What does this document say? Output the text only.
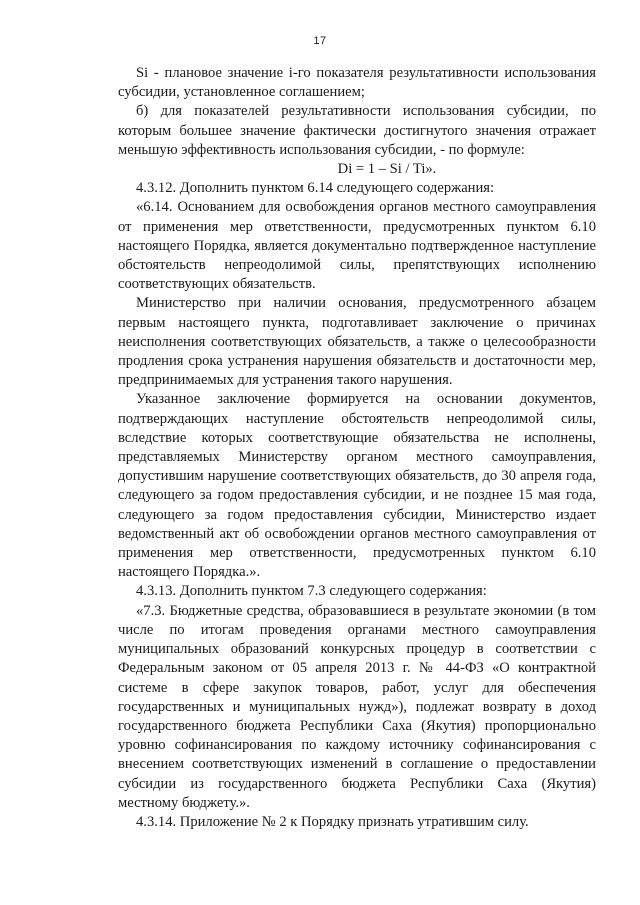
17

Si - плановое значение i-го показателя результативности использования субсидии, установленное соглашением;

б) для показателей результативности использования субсидии, по которым большее значение фактически достигнутого значения отражает меньшую эффективность использования субсидии, - по формуле:

Di = 1 – Si / Ti».

4.3.12. Дополнить пунктом 6.14 следующего содержания:

«6.14. Основанием для освобождения органов местного самоуправления от применения мер ответственности, предусмотренных пунктом 6.10 настоящего Порядка, является документально подтвержденное наступление обстоятельств непреодолимой силы, препятствующих исполнению соответствующих обязательств.

Министерство при наличии основания, предусмотренного абзацем первым настоящего пункта, подготавливает заключение о причинах неисполнения соответствующих обязательств, а также о целесообразности продления срока устранения нарушения обязательств и достаточности мер, предпринимаемых для устранения такого нарушения.

Указанное заключение формируется на основании документов, подтверждающих наступление обстоятельств непреодолимой силы, вследствие которых соответствующие обязательства не исполнены, представляемых Министерству органом местного самоуправления, допустившим нарушение соответствующих обязательств, до 30 апреля года, следующего за годом предоставления субсидии, и не позднее 15 мая года, следующего за годом предоставления субсидии, Министерство издает ведомственный акт об освобождении органов местного самоуправления от применения мер ответственности, предусмотренных пунктом 6.10 настоящего Порядка.».

4.3.13. Дополнить пунктом 7.3 следующего содержания:

«7.3. Бюджетные средства, образовавшиеся в результате экономии (в том числе по итогам проведения органами местного самоуправления муниципальных образований конкурсных процедур в соответствии с Федеральным законом от 05 апреля 2013 г. № 44-ФЗ «О контрактной системе в сфере закупок товаров, работ, услуг для обеспечения государственных и муниципальных нужд»), подлежат возврату в доход государственного бюджета Республики Саха (Якутия) пропорционально уровню софинансирования по каждому источнику софинансирования с внесением соответствующих изменений в соглашение о предоставлении субсидии из государственного бюджета Республики Саха (Якутия) местному бюджету.».

4.3.14. Приложение № 2 к Порядку признать утратившим силу.
